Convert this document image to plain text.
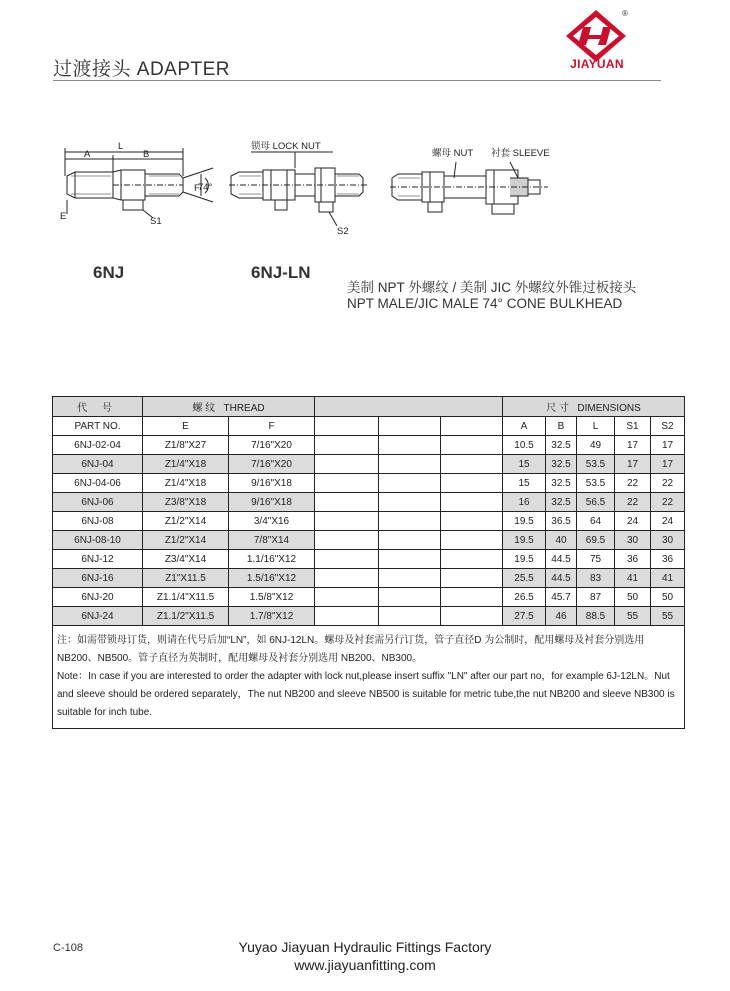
过渡接头 ADAPTER
®
JIAYUAN
L
A	B
F
74°
E	S1
锁母 LOCK NUT
S2
螺母 NUT 衬套 SLEEVE
6NJ	6NJ-LN
美制 NPT 外螺纹 / 美制 JIC 外螺纹外锥过板接头
NPT MALE/JIC MALE 74° CONE BULKHEAD
代 号	螺 纹 THREAD					尺 寸 DIMENSIONS				
PART NO.	E	F				A	B	L	S1	S2
6NJ-02-04	Z1/8"X27	7/16"X20				10.5	32.5	49	17	17
6NJ-04	Z1/4"X18	7/16"X20				15	32.5	53.5	17	17
6NJ-04-06	Z1/4"X18	9/16"X18				15	32.5	53.5	22	22
6NJ-06	Z3/8"X18	9/16"X18				16	32.5	56.5	22	22
6NJ-08	Z1/2"X14	3/4"X16				19.5	36.5	64	24	24
6NJ-08-10	Z1/2"X14	7/8"X14				19.5	40	69.5	30	30
6NJ-12	Z3/4"X14	1.1/16"X12				19.5	44.5	75	36	36
6NJ-16	Z1"X11.5	1.5/16"X12				25.5	44.5	83	41	41
6NJ-20	Z1.1/4"X11.5	1.5/8"X12				26.5	45.7	87	50	50
6NJ-24	Z1.1/2"X11.5	1.7/8"X12				27.5	46	88.5	55	55

注：如需带锁母订货，则请在代号后加“LN”，如 6NJ-12LN。螺母及衬套需另行订货，管子直径D 为公制时，配用螺母及衬套分别选用 NB200、NB500。管子直径为英制时，配用螺母及衬套分别选用 NB200、NB300。
Note：In case if you are interested to order the adapter with lock nut,please insert suffix "LN" after our part no，for example 6J-12LN。Nut and sleeve should be ordered separately，The nut NB200 and sleeve NB500 is suitable for metric tube,the nut NB200 and sleeve NB300 is suitable for inch tube.										
C-108	Yuyao Jiayuan Hydraulic Fittings Factory
www.jiayuanfitting.com
